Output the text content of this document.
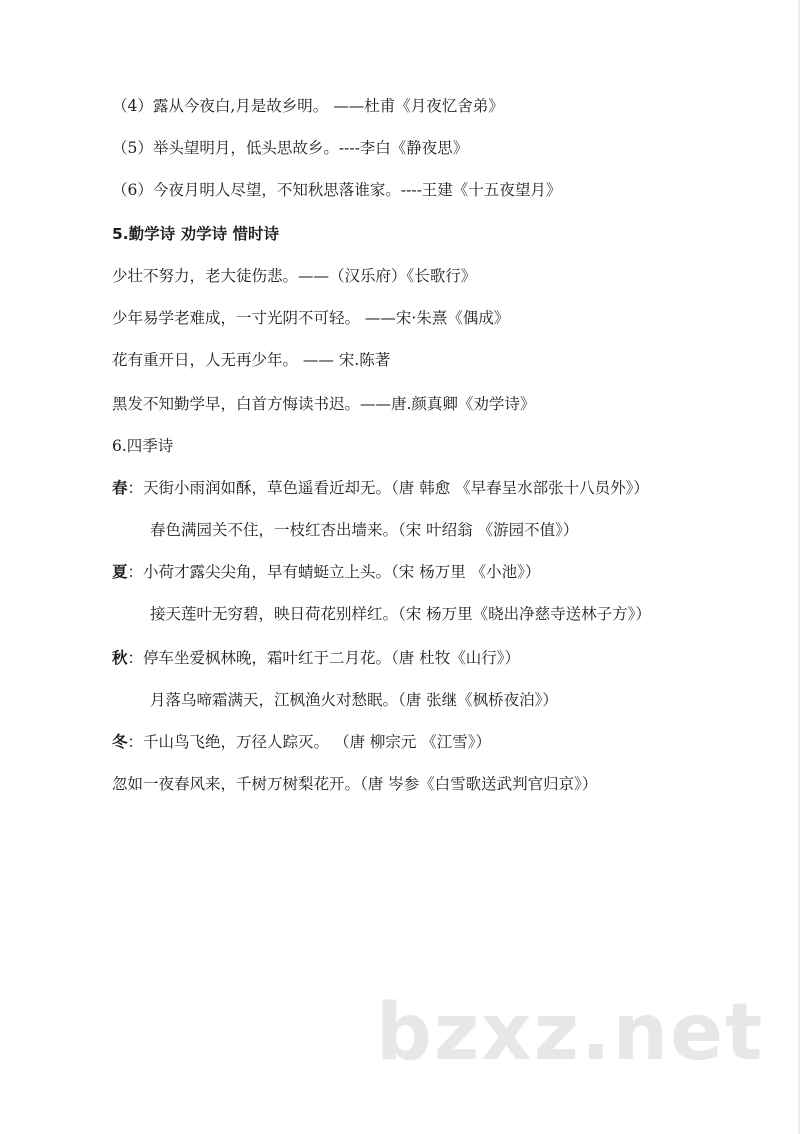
（4）露从今夜白,月是故乡明。 ——杜甫《月夜忆舍弟》
（5）举头望明月，低头思故乡。----李白《静夜思》
（6）今夜月明人尽望，不知秋思落谁家。----王建《十五夜望月》
5.勤学诗 劝学诗 惜时诗
少壮不努力，老大徒伤悲。——（汉乐府）《长歌行》
少年易学老难成，一寸光阴不可轻。 ——宋·朱熹《偶成》
花有重开日，人无再少年。 —— 宋.陈著
黑发不知勤学早，白首方悔读书迟。——唐.颜真卿《劝学诗》
6.四季诗
春：天街小雨润如酥，草色遥看近却无。（唐 韩愈 《早春呈水部张十八员外》）
春色满园关不住，一枝红杏出墙来。（宋 叶绍翁 《游园不值》）
夏：小荷才露尖尖角，早有蜻蜓立上头。（宋 杨万里 《小池》）
接天莲叶无穷碧，映日荷花别样红。（宋 杨万里《晓出净慈寺送林子方》）
秋：停车坐爱枫林晚，霜叶红于二月花。（唐 杜牧《山行》）
月落乌啼霜满天，江枫渔火对愁眠。（唐 张继《枫桥夜泊》）
冬：千山鸟飞绝，万径人踪灭。 （唐 柳宗元 《江雪》）
忽如一夜春风来，千树万树梨花开。（唐 岑参《白雪歌送武判官归京》）
bzxz.net
